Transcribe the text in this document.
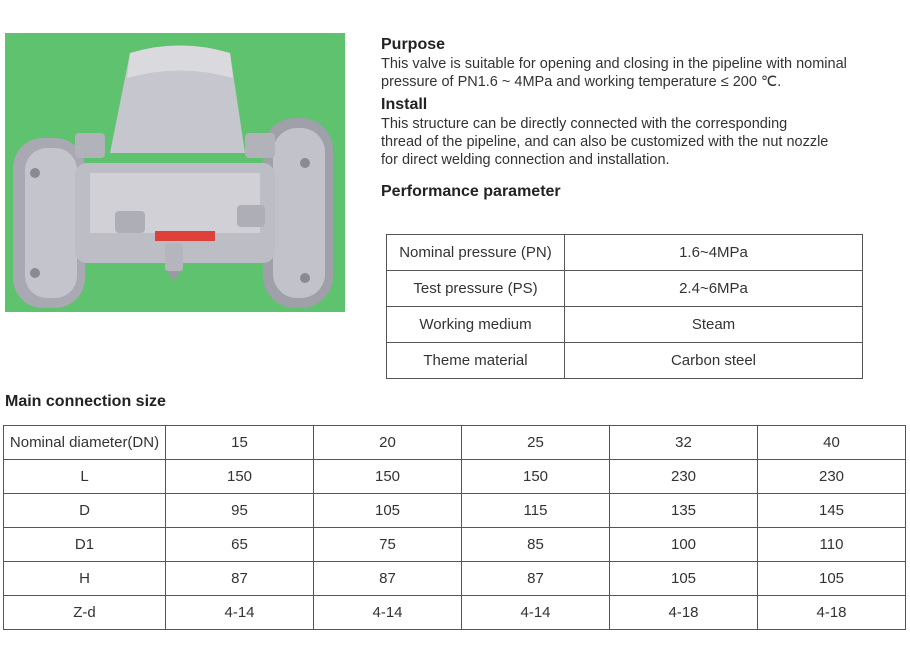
Purpose

This valve is suitable for opening and closing in the pipeline with nominal

pressure of PN1.6 ~ 4MPa and working temperature ≤ 200 ℃.

Install

This structure can be directly connected with the corresponding

thread of the pipeline, and can also be customized with the nut nozzle

for direct welding connection and installation.

Performance parameter

Nominal pressure (PN)	1.6~4MPa
Test pressure (PS)	2.4~6MPa
Working medium	Steam
Theme material	Carbon steel
Main connection size
Nominal diameter(DN)	15	20	25	32	40
L	150	150	150	230	230
D	95	105	115	135	145
D1	65	75	85	100	110
H	87	87	87	105	105
Z-d	4-14	4-14	4-14	4-18	4-18
